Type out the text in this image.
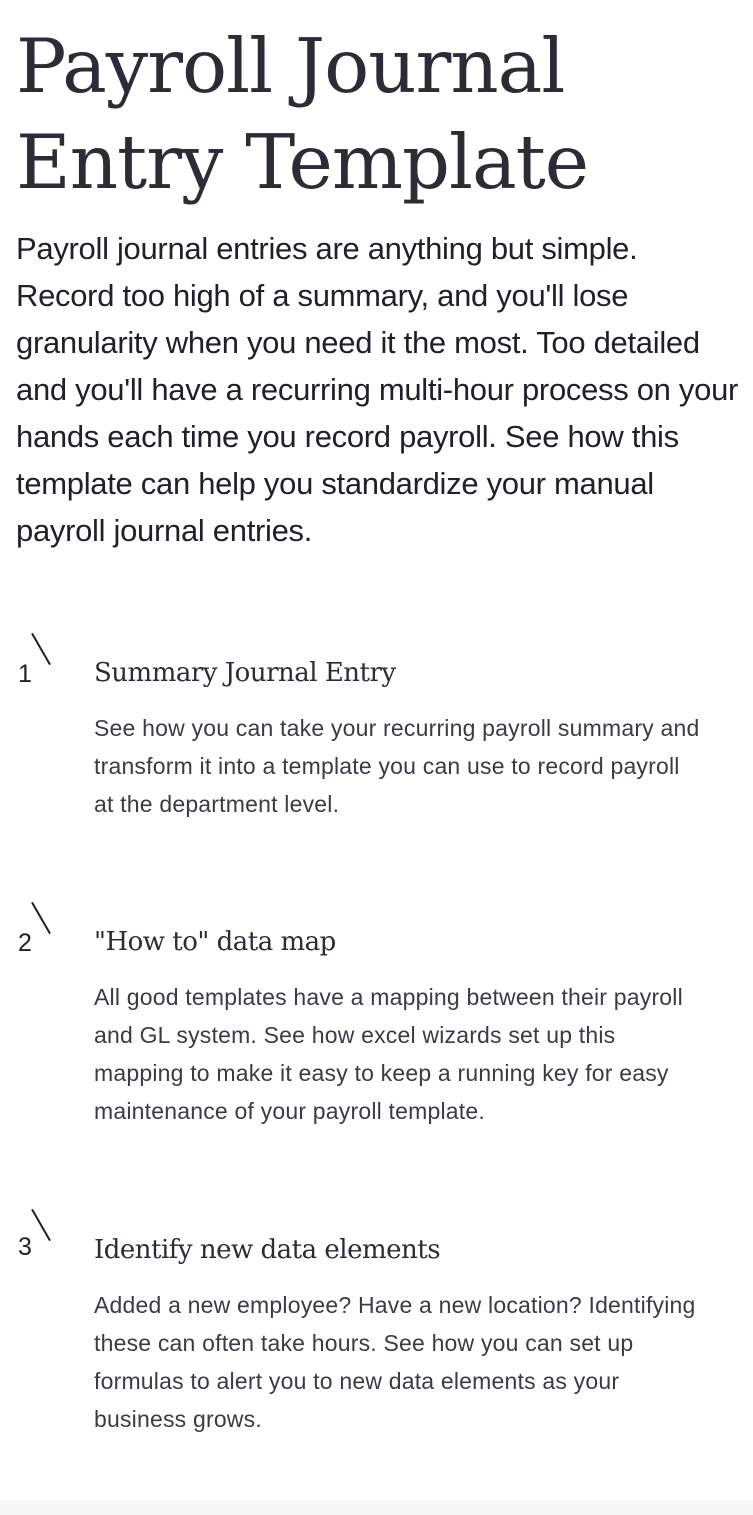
Payroll Journal Entry Template

Payroll journal entries are anything but simple. Record too high of a summary, and you'll lose granularity when you need it the most. Too detailed and you'll have a recurring multi-hour process on your hands each time you record payroll. See how this template can help you standardize your manual payroll journal entries.

1 Summary Journal Entry

See how you can take your recurring payroll summary and transform it into a template you can use to record payroll at the department level.

2 "How to" data map

All good templates have a mapping between their payroll and GL system. See how excel wizards set up this mapping to make it easy to keep a running key for easy maintenance of your payroll template.

3 Identify new data elements

Added a new employee? Have a new location? Identifying these can often take hours. See how you can set up formulas to alert you to new data elements as your business grows.
